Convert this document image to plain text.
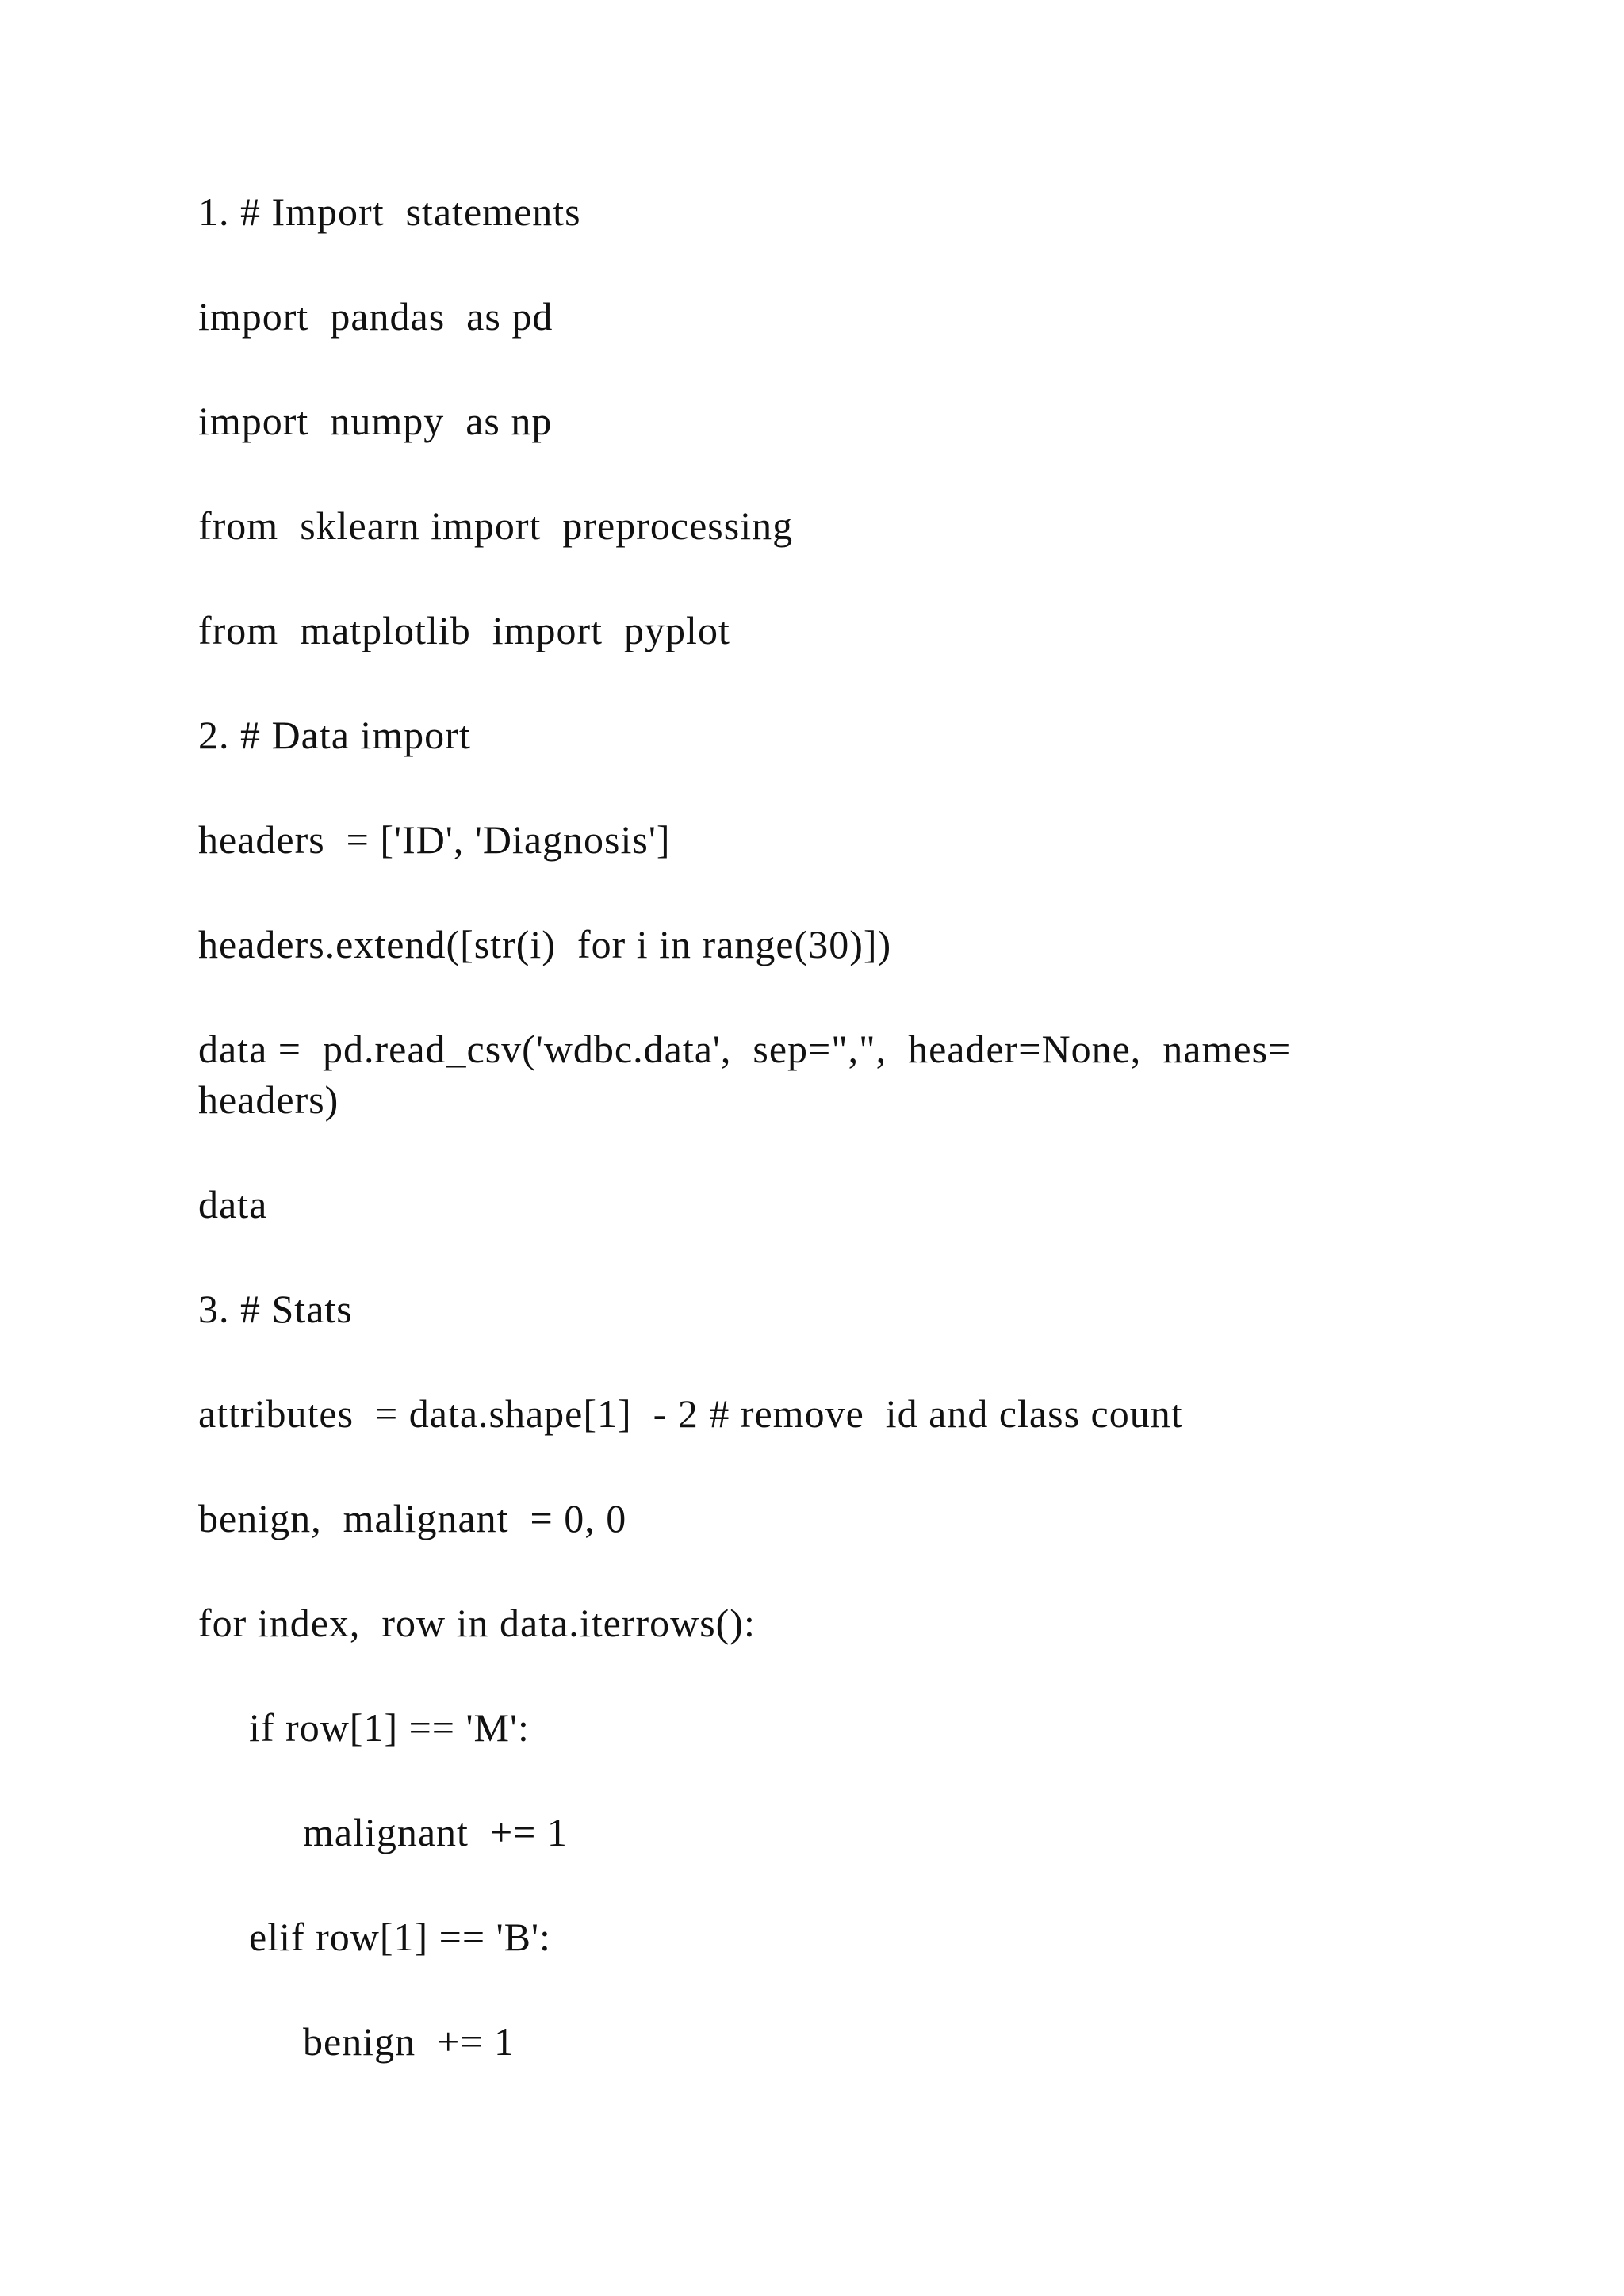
1. # Import  statements
import  pandas  as pd
import  numpy  as np
from  sklearn import  preprocessing
from  matplotlib  import  pyplot
2. # Data import
headers  = ['ID', 'Diagnosis']
headers.extend([str(i)  for i in range(30)])
data =  pd.read_csv('wdbc.data',  sep=",",  header=None,  names=
headers)
data
3. # Stats
attributes  = data.shape[1]  - 2 # remove  id and class count
benign,  malignant  = 0, 0
for index,  row in data.iterrows():
if row[1] == 'M':
malignant  += 1
elif row[1] == 'B':
benign  += 1
